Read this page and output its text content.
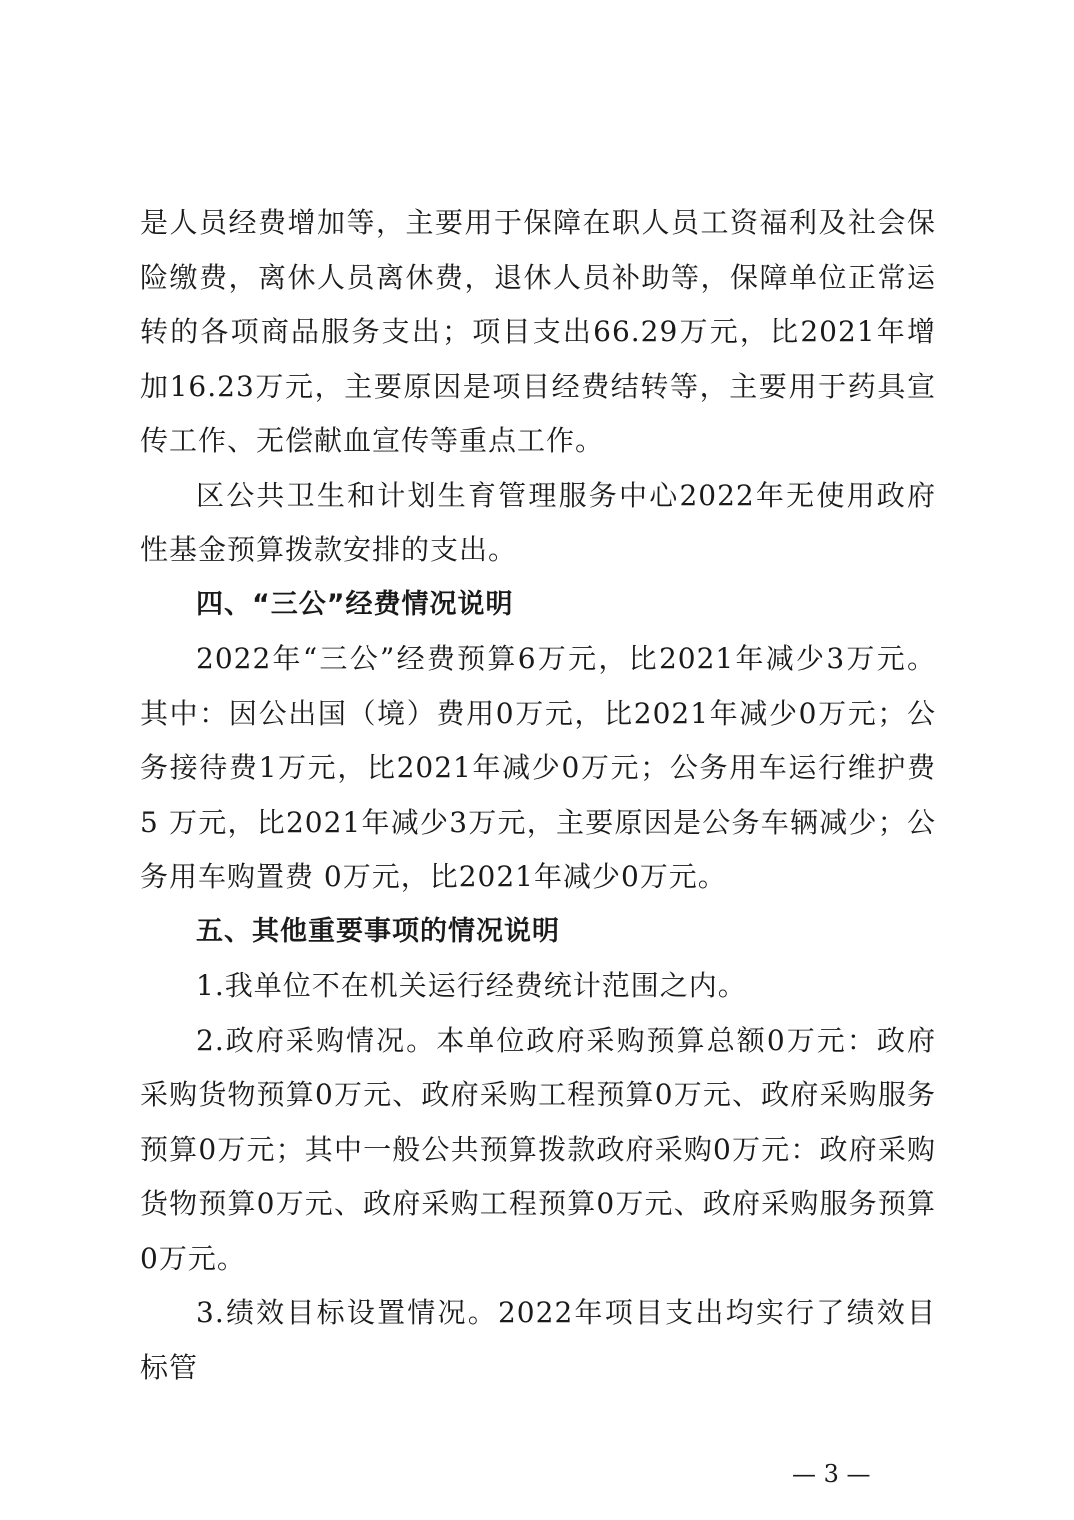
是人员经费增加等，主要用于保障在职人员工资福利及社会保险缴费，离休人员离休费，退休人员补助等，保障单位正常运转的各项商品服务支出；项目支出66.29万元，比2021年增加16.23万元，主要原因是项目经费结转等，主要用于药具宣传工作、无偿献血宣传等重点工作。

区公共卫生和计划生育管理服务中心2022年无使用政府性基金预算拨款安排的支出。

四、“三公”经费情况说明

2022年“三公”经费预算6万元，比2021年减少3万元。其中：因公出国（境）费用0万元，比2021年减少0万元；公务接待费1万元，比2021年减少0万元；公务用车运行维护费5 万元，比2021年减少3万元，主要原因是公务车辆减少；公务用车购置费 0万元，比2021年减少0万元。

五、其他重要事项的情况说明

1.我单位不在机关运行经费统计范围之内。

2.政府采购情况。本单位政府采购预算总额0万元：政府采购货物预算0万元、政府采购工程预算0万元、政府采购服务预算0万元；其中一般公共预算拨款政府采购0万元：政府采购货物预算0万元、政府采购工程预算0万元、政府采购服务预算0万元。

3.绩效目标设置情况。2022年项目支出均实行了绩效目标管

— 3 —
